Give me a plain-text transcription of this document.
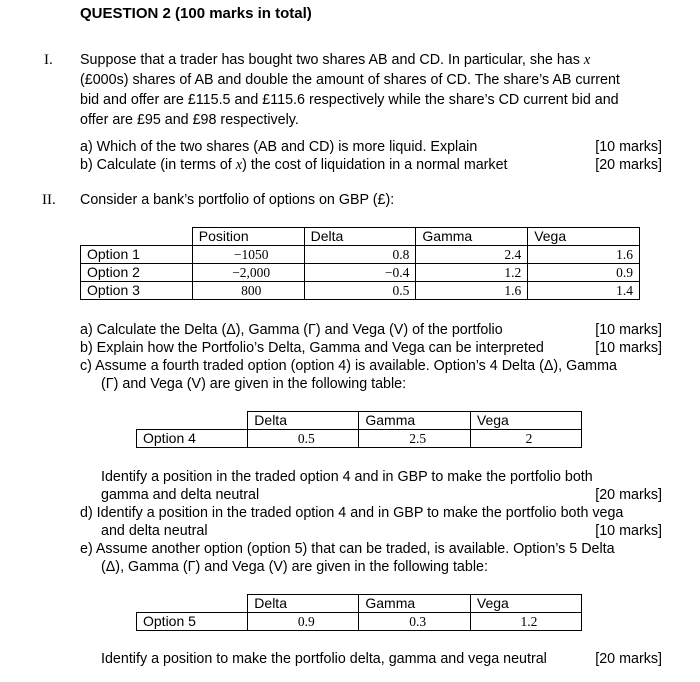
QUESTION 2 (100 marks in total)
I. Suppose that a trader has bought two shares AB and CD. In particular, she has x
(£000s) shares of AB and double the amount of shares of CD. The share’s AB current
bid and offer are £115.5 and £115.6 respectively while the share’s CD current bid and
offer are £95 and £98 respectively.
a) Which of the two shares (AB and CD) is more liquid. Explain	[10 marks]
b) Calculate (in terms of x) the cost of liquidation in a normal market	[20 marks]
II. Consider a bank’s portfolio of options on GBP (£):
	Position	Delta	Gamma	Vega
Option 1	−1050	0.8	2.4	1.6
Option 2	−2,000	−0.4	1.2	0.9
Option 3	800	0.5	1.6	1.4
a) Calculate the Delta (Δ), Gamma (Γ) and Vega (V) of the portfolio	[10 marks]
b) Explain how the Portfolio’s Delta, Gamma and Vega can be interpreted	[10 marks]
c) Assume a fourth traded option (option 4) is available. Option’s 4 Delta (Δ), Gamma
(Γ) and Vega (V) are given in the following table:
	Delta	Gamma	Vega
Option 4	0.5	2.5	2
Identify a position in the traded option 4 and in GBP to make the portfolio both
gamma and delta neutral	[20 marks]
d) Identify a position in the traded option 4 and in GBP to make the portfolio both vega
and delta neutral	[10 marks]
e) Assume another option (option 5) that can be traded, is available. Option’s 5 Delta
(Δ), Gamma (Γ) and Vega (V) are given in the following table:
	Delta	Gamma	Vega
Option 5	0.9	0.3	1.2
Identify a position to make the portfolio delta, gamma and vega neutral	[20 marks]
